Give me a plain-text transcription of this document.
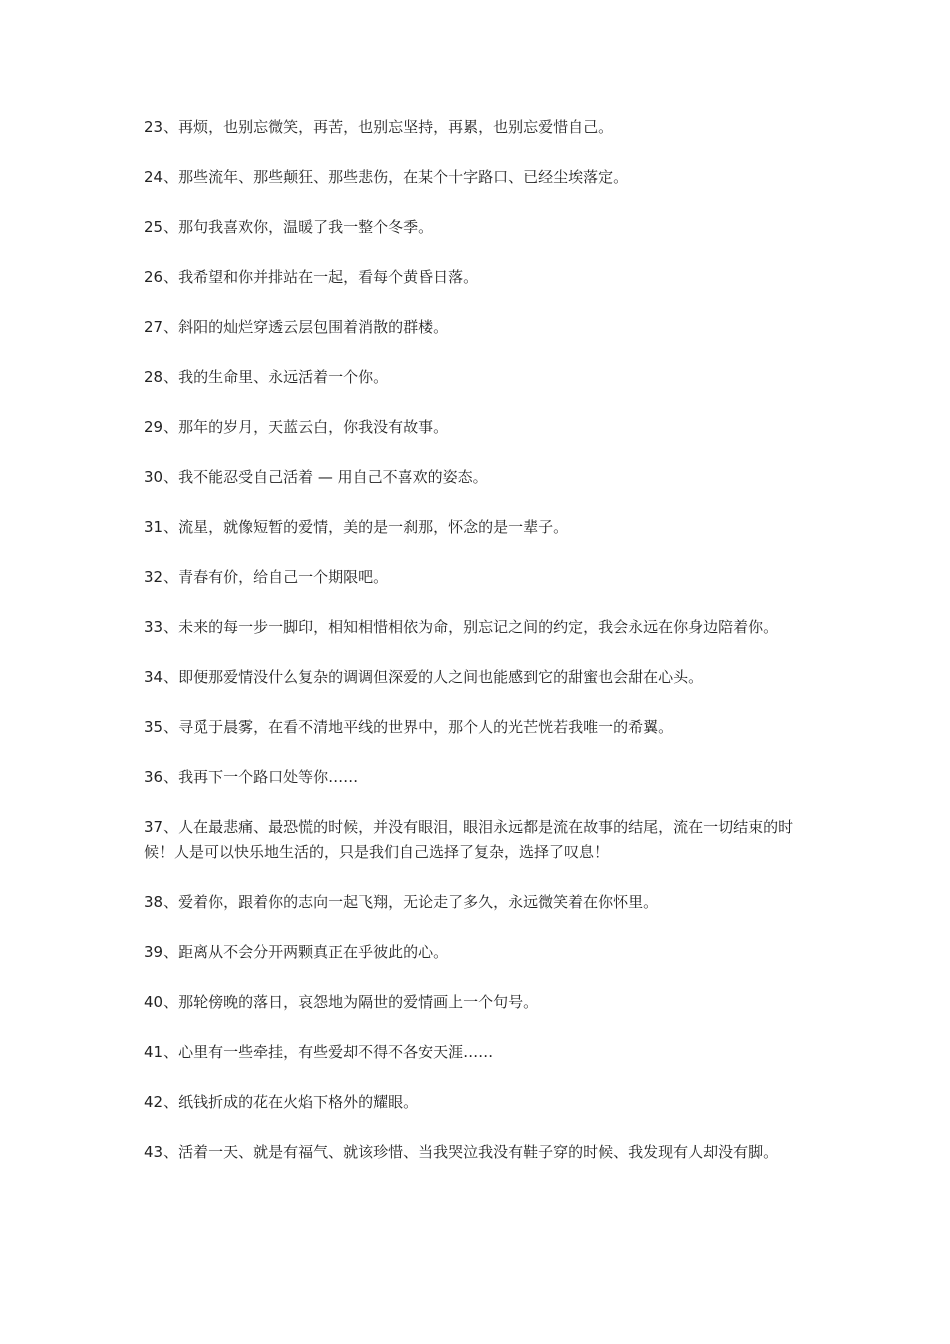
23、再烦，也别忘微笑，再苦，也别忘坚持，再累，也别忘爱惜自己。

24、那些流年、那些颠狂、那些悲伤，在某个十字路口、已经尘埃落定。

25、那句我喜欢你，温暖了我一整个冬季。

26、我希望和你并排站在一起，看每个黄昏日落。

27、斜阳的灿烂穿透云层包围着消散的群楼。

28、我的生命里、永远活着一个你。

29、那年的岁月，天蓝云白，你我没有故事。

30、我不能忍受自己活着 — 用自己不喜欢的姿态。

31、流星，就像短暂的爱情，美的是一刹那，怀念的是一辈子。

32、青春有价，给自己一个期限吧。

33、未来的每一步一脚印，相知相惜相依为命，别忘记之间的约定，我会永远在你身边陪着你。

34、即便那爱情没什么复杂的调调但深爱的人之间也能感到它的甜蜜也会甜在心头。

35、寻觅于晨雾，在看不清地平线的世界中，那个人的光芒恍若我唯一的希翼。

36、我再下一个路口处等你……

37、人在最悲痛、最恐慌的时候，并没有眼泪，眼泪永远都是流在故事的结尾，流在一切结束的时候！人是可以快乐地生活的，只是我们自己选择了复杂，选择了叹息！

38、爱着你，跟着你的志向一起飞翔，无论走了多久，永远微笑着在你怀里。

39、距离从不会分开两颗真正在乎彼此的心。

40、那轮傍晚的落日，哀怨地为隔世的爱情画上一个句号。

41、心里有一些牵挂，有些爱却不得不各安天涯……

42、纸钱折成的花在火焰下格外的耀眼。

43、活着一天、就是有福气、就该珍惜、当我哭泣我没有鞋子穿的时候、我发现有人却没有脚。
